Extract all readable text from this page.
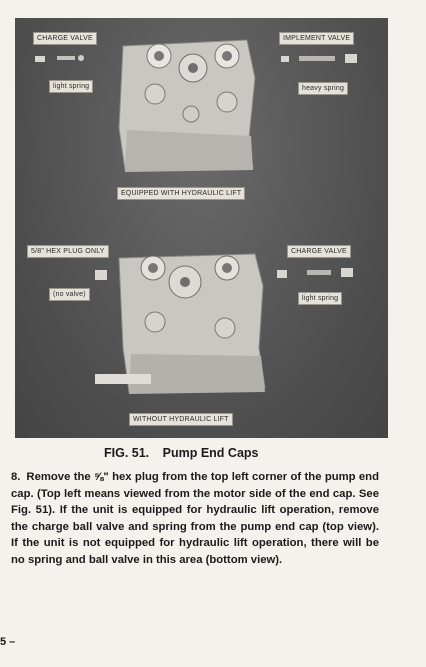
CHARGE VALVE
light spring
IMPLEMENT VALVE
heavy spring
EQUIPPED WITH HYDRAULIC LIFT
5/8" HEX PLUG ONLY
(no valve)
CHARGE VALVE
light spring
WITHOUT HYDRAULIC LIFT
FIG. 51. Pump End Caps
8. Remove the ⅝" hex plug from the top left corner of the pump end cap. (Top left means viewed from the motor side of the end cap. See Fig. 51). If the unit is equipped for hydraulic lift operation, remove the charge ball valve and spring from the pump end cap (top view). If the unit is not equipped for hydraulic lift operation, there will be no spring and ball valve in this area (bottom view).
5 –
